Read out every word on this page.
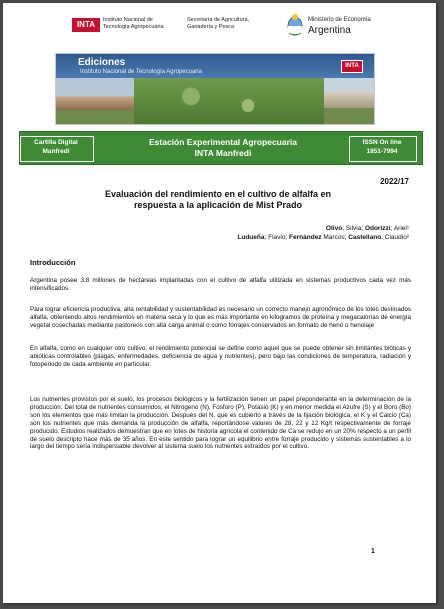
INTA	Instituto Nacional de
Tecnología Agropecuaria
Secretaría de Agricultura,
Ganadería y Pesca
Ministerio de Economía
Argentina
Ediciones
Instituto Nacional de Tecnología Agropecuaria
INTA
Cartilla Digital
Manfredi
Estación Experimental Agropecuaria
INTA Manfredi
ISSN On line
1851-7994
2022/17
Evaluación del rendimiento en el cultivo de alfalfa en
respuesta a la aplicación de Mist Prado
Olivo, Silvia; Odorizzi; Ariel¹
Ludueña; Flavio; Fernández Marcos; Castellano, Claudio²
Introducción

Argentina posee 3.8 millones de hectáreas implantadas con el cultivo de alfalfa utilizada en sistemas productivos cada vez más intensificados.

Para lograr eficiencia productiva, alta rentabilidad y sustentabilidad es necesario un correcto manejo agronómico de los lotes destinados alfalfa, obteniendo altos rendimientos en materia seca y lo que es más importante en kilogramos de proteína y megacalorías de energía vegetal cosechadas mediante pastoreos con alta carga animal o como forrajes conservados en formato de heno o henolaje

En alfalfa, como en cualquier otro cultivo, el rendimiento potencial se define como aquel que se puede obtener sin limitantes bióticas y abióticas controlables (plagas, enfermedades, deficiencia de agua y nutrientes), pero bajo las condiciones de temperatura, radiación y fotoperiodo de cada ambiente en particular.

Los nutrientes provistos por el suelo, los procesos biológicos y la fertilización tienen un papel preponderante en la determinación de la producción. Del total de nutrientes consumidos, el Nitrógeno (N), Fosforo (P), Potasio (K) y en menor medida el Azufre (S) y el Boro (Bo) son los elementos que más limitan la producción. Después del N, que es cubierto a través de la fijación biológica, el K y el Calcio (Ca) son los nutrientes que más demanda la producción de alfalfa, reportándose valores de 28, 22 y 12 Kg/t respectivamente de forraje producido. Estudios realizados demuestran que en lotes de historia agrícola el contenido de Ca se redujo en un 20% respecto a un perfil de suelo descripto hace más de 35 años. En este sentido para lograr un equilibrio entre forraje producido y sistemas sustentables a lo largo del tiempo sería indispensable devolver al sistema suelo los nutrientes extraídos por el cultivo.

1
